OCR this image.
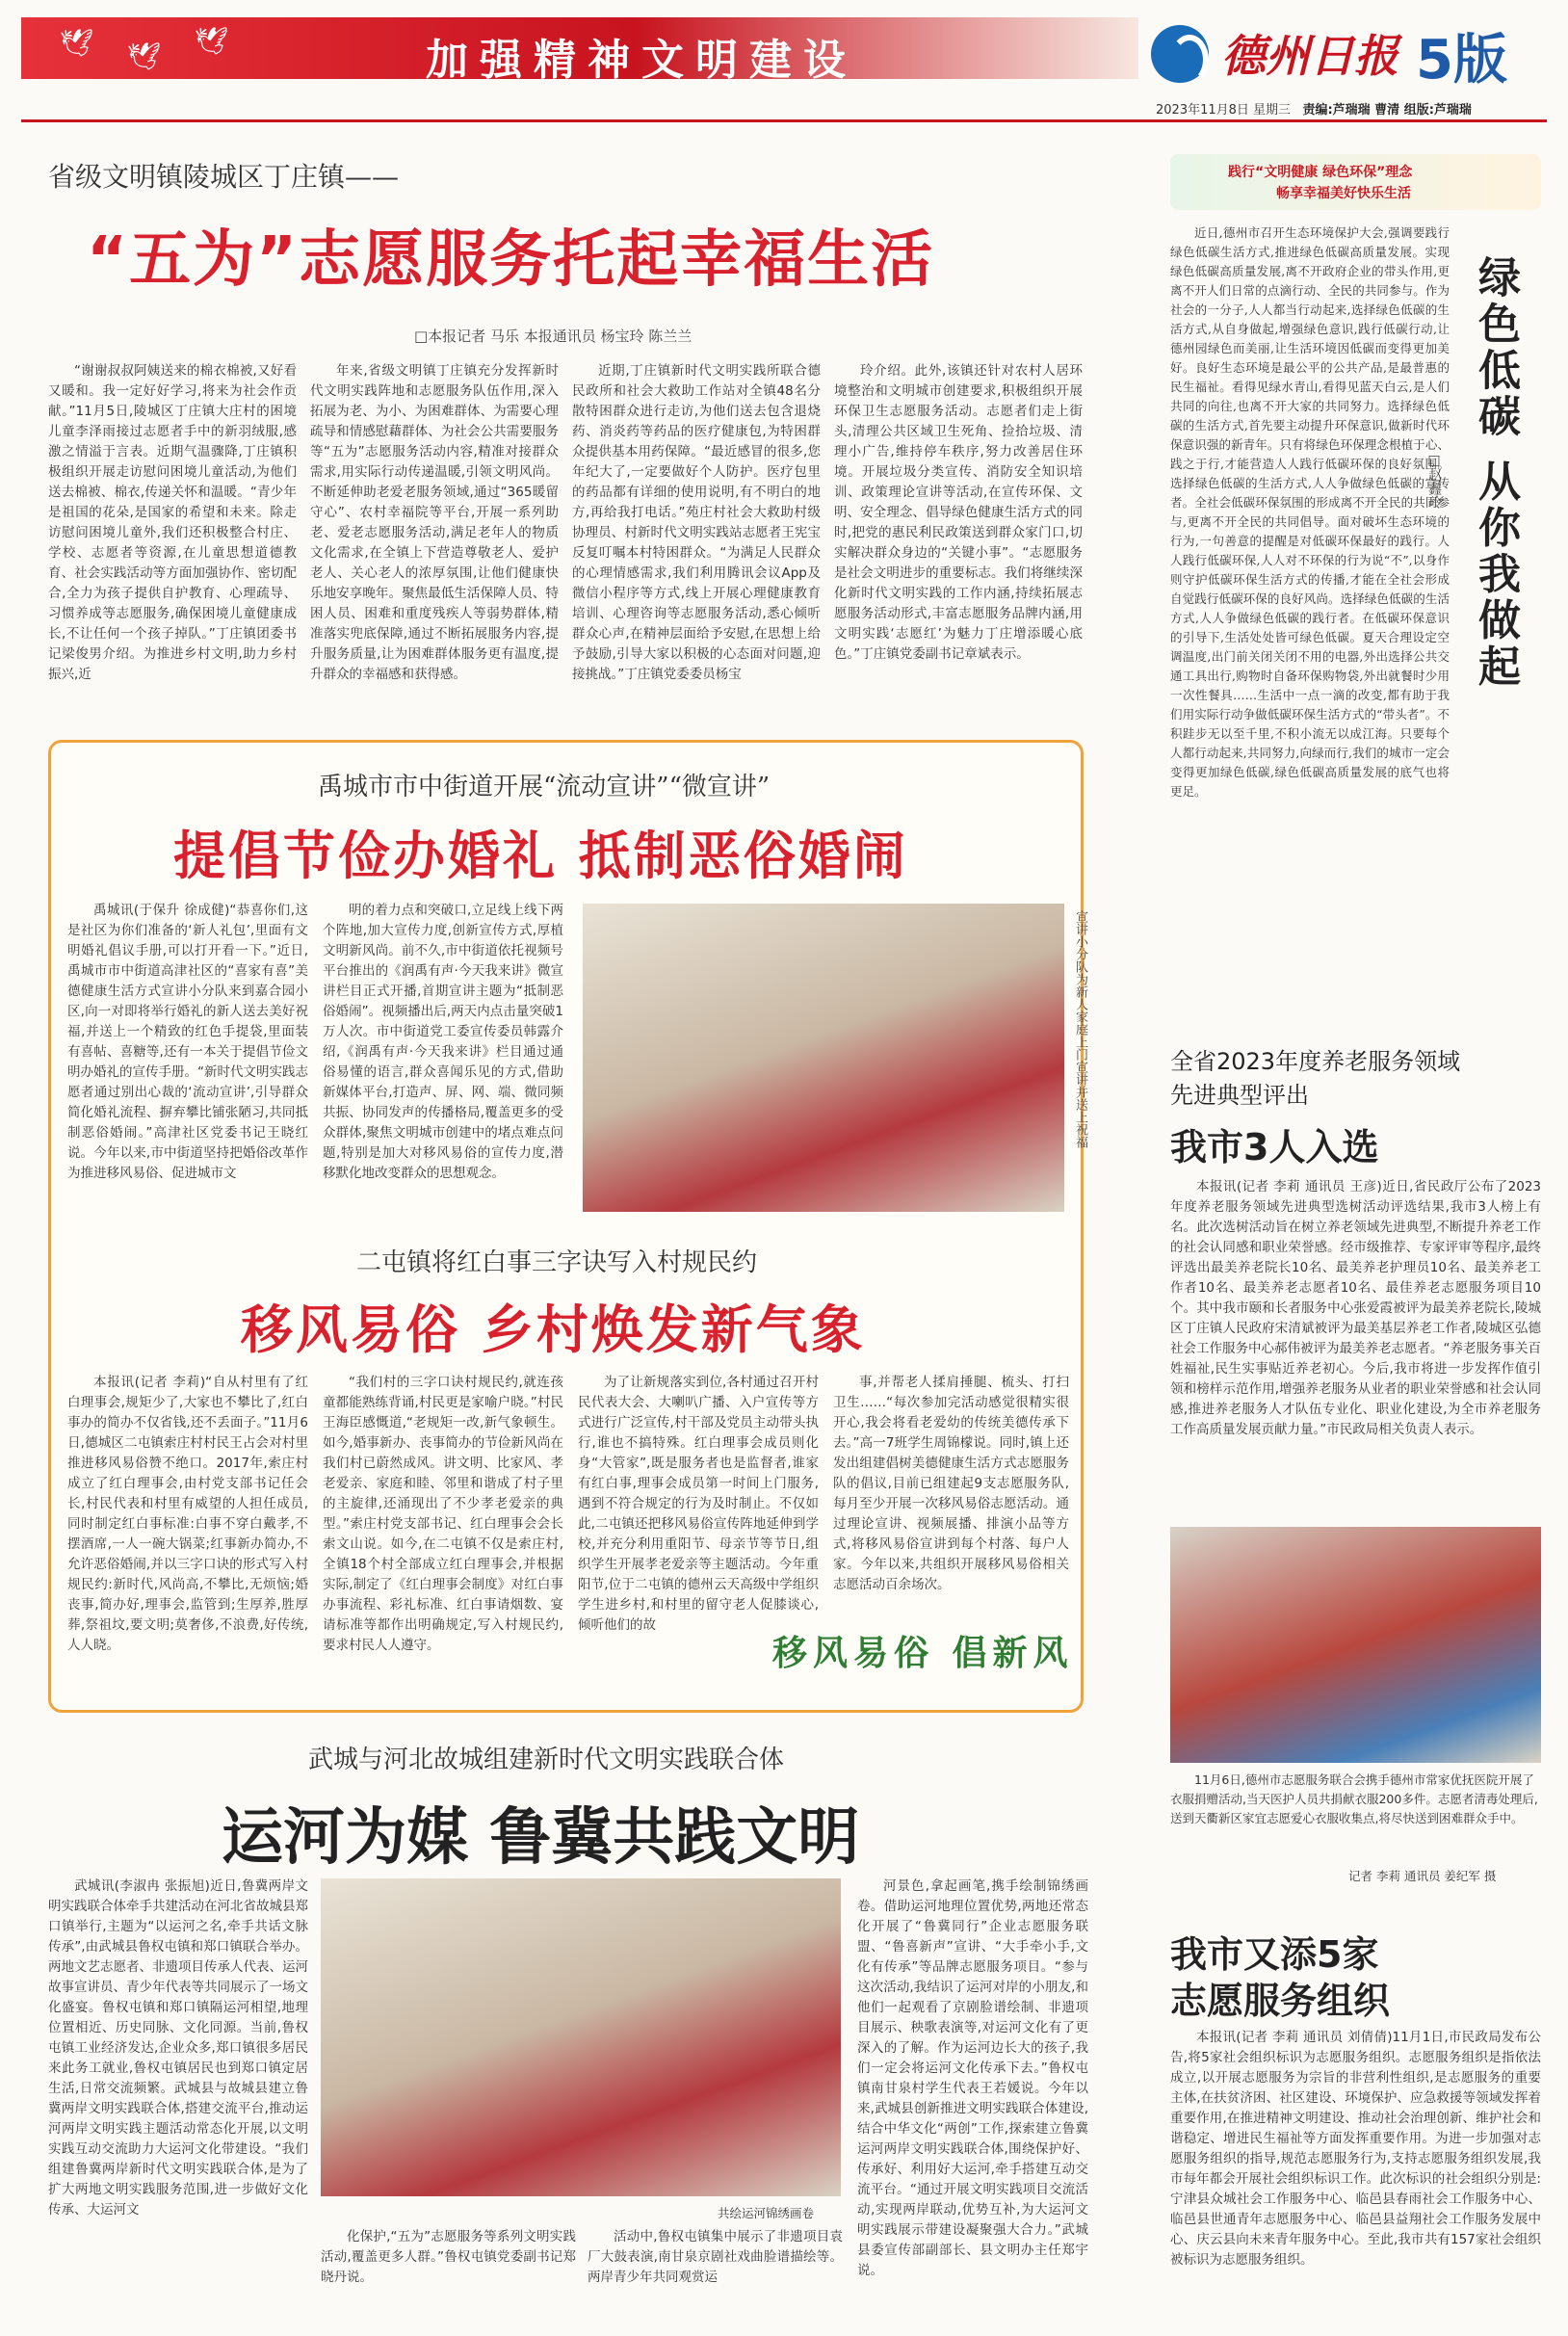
🕊 🕊 🕊	加强精神文明建设	德州日报 5版
2023年11月8日 星期三 责编:芦瑞瑞 曹清 组版:芦瑞瑞
省级文明镇陵城区丁庄镇——
“五为”志愿服务托起幸福生活
□本报记者 马乐 本报通讯员 杨宝玲 陈兰兰
“谢谢叔叔阿姨送来的棉衣棉被,又好看又暖和。我一定好好学习,将来为社会作贡献。”11月5日,陵城区丁庄镇大庄村的困境儿童李泽雨接过志愿者手中的新羽绒服,感激之情溢于言表。近期气温骤降,丁庄镇积极组织开展走访慰问困境儿童活动,为他们送去棉被、棉衣,传递关怀和温暖。“青少年是祖国的花朵,是国家的希望和未来。除走访慰问困境儿童外,我们还积极整合村庄、学校、志愿者等资源,在儿童思想道德教育、社会实践活动等方面加强协作、密切配合,全力为孩子提供自护教育、心理疏导、习惯养成等志愿服务,确保困境儿童健康成长,不让任何一个孩子掉队。”丁庄镇团委书记梁俊男介绍。为推进乡村文明,助力乡村振兴,近
年来,省级文明镇丁庄镇充分发挥新时代文明实践阵地和志愿服务队伍作用,深入拓展为老、为小、为困难群体、为需要心理疏导和情感慰藉群体、为社会公共需要服务等“五为”志愿服务活动内容,精准对接群众需求,用实际行动传递温暖,引领文明风尚。不断延伸助老爱老服务领域,通过“365暖留守心”、农村幸福院等平台,开展一系列助老、爱老志愿服务活动,满足老年人的物质文化需求,在全镇上下营造尊敬老人、爱护老人、关心老人的浓厚氛围,让他们健康快乐地安享晚年。聚焦最低生活保障人员、特困人员、困难和重度残疾人等弱势群体,精准落实兜底保障,通过不断拓展服务内容,提升服务质量,让为困难群体服务更有温度,提升群众的幸福感和获得感。
近期,丁庄镇新时代文明实践所联合德民政所和社会大救助工作站对全镇48名分散特困群众进行走访,为他们送去包含退烧药、消炎药等药品的医疗健康包,为特困群众提供基本用药保障。“最近感冒的很多,您年纪大了,一定要做好个人防护。医疗包里的药品都有详细的使用说明,有不明白的地方,再给我打电话。”苑庄村社会大救助村级协理员、村新时代文明实践站志愿者王宪宝反复叮嘱本村特困群众。“为满足人民群众的心理情感需求,我们利用腾讯会议App及微信小程序等方式,线上开展心理健康教育培训、心理咨询等志愿服务活动,悉心倾听群众心声,在精神层面给予安慰,在思想上给予鼓励,引导大家以积极的心态面对问题,迎接挑战。”丁庄镇党委委员杨宝
玲介绍。此外,该镇还针对农村人居环境整治和文明城市创建要求,积极组织开展环保卫生志愿服务活动。志愿者们走上街头,清理公共区域卫生死角、捡拾垃圾、清理小广告,维持停车秩序,努力改善居住环境。开展垃圾分类宣传、消防安全知识培训、政策理论宣讲等活动,在宣传环保、文明、安全理念、倡导绿色健康生活方式的同时,把党的惠民利民政策送到群众家门口,切实解决群众身边的“关键小事”。“志愿服务是社会文明进步的重要标志。我们将继续深化新时代文明实践的工作内涵,持续拓展志愿服务活动形式,丰富志愿服务品牌内涵,用文明实践‘志愿红’为魅力丁庄增添暖心底色。”丁庄镇党委副书记章斌表示。
禹城市市中街道开展“流动宣讲”“微宣讲”
提倡节俭办婚礼 抵制恶俗婚闹
禹城讯(于保升 徐成健)“恭喜你们,这是社区为你们准备的‘新人礼包’,里面有文明婚礼倡议手册,可以打开看一下。”近日,禹城市市中街道高津社区的“喜家有喜”美德健康生活方式宣讲小分队来到嘉合园小区,向一对即将举行婚礼的新人送去美好祝福,并送上一个精致的红色手提袋,里面装有喜帖、喜糖等,还有一本关于提倡节俭文明办婚礼的宣传手册。“新时代文明实践志愿者通过别出心裁的‘流动宣讲’,引导群众简化婚礼流程、摒弃攀比铺张陋习,共同抵制恶俗婚闹。”高津社区党委书记王晓红说。今年以来,市中街道坚持把婚俗改革作为推进移风易俗、促进城市文
明的着力点和突破口,立足线上线下两个阵地,加大宣传力度,创新宣传方式,厚植文明新风尚。前不久,市中街道依托视频号平台推出的《润禹有声·今天我来讲》微宣讲栏目正式开播,首期宣讲主题为“抵制恶俗婚闹”。视频播出后,两天内点击量突破1万人次。市中街道党工委宣传委员韩露介绍,《润禹有声·今天我来讲》栏目通过通俗易懂的语言,群众喜闻乐见的方式,借助新媒体平台,打造声、屏、网、端、微同频共振、协同发声的传播格局,覆盖更多的受众群体,聚焦文明城市创建中的堵点难点问题,特别是加大对移风易俗的宣传力度,潜移默化地改变群众的思想观念。
宣讲小分队为新人家庭上门宣讲并送上祝福
二屯镇将红白事三字诀写入村规民约
移风易俗 乡村焕发新气象
本报讯(记者 李莉)“自从村里有了红白理事会,规矩少了,大家也不攀比了,红白事办的简办不仅省钱,还不丢面子。”11月6日,德城区二屯镇索庄村村民王占会对村里推进移风易俗赞不绝口。2017年,索庄村成立了红白理事会,由村党支部书记任会长,村民代表和村里有威望的人担任成员,同时制定红白事标准:白事不穿白戴孝,不摆酒席,一人一碗大锅菜;红事新办简办,不允许恶俗婚闹,并以三字口诀的形式写入村规民约:新时代,风尚高,不攀比,无烦恼;婚丧事,简办好,理事会,监管到;生厚养,胜厚葬,祭祖坟,要文明;莫奢侈,不浪费,好传统,人人晓。
“我们村的三字口诀村规民约,就连孩童都能熟练背诵,村民更是家喻户晓。”村民王海臣感慨道,“老规矩一改,新气象顿生。如今,婚事新办、丧事简办的节俭新风尚在我们村已蔚然成风。讲文明、比家风、孝老爱亲、家庭和睦、邻里和谐成了村子里的主旋律,还涌现出了不少孝老爱亲的典型。”索庄村党支部书记、红白理事会会长索文山说。如今,在二屯镇不仅是索庄村,全镇18个村全部成立红白理事会,并根据实际,制定了《红白理事会制度》对红白事办事流程、彩礼标准、红白事请烟数、宴请标准等都作出明确规定,写入村规民约,要求村民人人遵守。
为了让新规落实到位,各村通过召开村民代表大会、大喇叭广播、入户宣传等方式进行广泛宣传,村干部及党员主动带头执行,谁也不搞特殊。红白理事会成员则化身“大管家”,既是服务者也是监督者,谁家有红白事,理事会成员第一时间上门服务,遇到不符合规定的行为及时制止。不仅如此,二屯镇还把移风易俗宣传阵地延伸到学校,并充分利用重阳节、母亲节等节日,组织学生开展孝老爱亲等主题活动。今年重阳节,位于二屯镇的德州云天高级中学组织学生进乡村,和村里的留守老人促膝谈心,倾听他们的故
事,并帮老人揉肩捶腿、梳头、打扫卫生……“每次参加完活动感觉很精实很开心,我会将看老爱幼的传统美德传承下去。”高一7班学生周锦檬说。同时,镇上还发出组建倡树美德健康生活方式志愿服务队的倡议,目前已组建起9支志愿服务队,每月至少开展一次移风易俗志愿活动。通过理论宣讲、视频展播、排演小品等方式,将移风易俗宣讲到每个村落、每户人家。今年以来,共组织开展移风易俗相关志愿活动百余场次。
移风易俗 倡新风
武城与河北故城组建新时代文明实践联合体
运河为媒 鲁冀共践文明
武城讯(李淑冉 张振旭)近日,鲁冀两岸文明实践联合体牵手共建活动在河北省故城县郑口镇举行,主题为“以运河之名,牵手共话文脉传承”,由武城县鲁权屯镇和郑口镇联合举办。两地文艺志愿者、非遗项目传承人代表、运河故事宣讲员、青少年代表等共同展示了一场文化盛宴。鲁权屯镇和郑口镇隔运河相望,地理位置相近、历史同脉、文化同源。当前,鲁权屯镇工业经济发达,企业众多,郑口镇很多居民来此务工就业,鲁权屯镇居民也到郑口镇定居生活,日常交流频繁。武城县与故城县建立鲁冀两岸文明实践联合体,搭建交流平台,推动运河两岸文明实践主题活动常态化开展,以文明实践互动交流助力大运河文化带建设。“我们组建鲁冀两岸新时代文明实践联合体,是为了扩大两地文明实践服务范围,进一步做好文化传承、大运河文	共绘运河锦绣画卷
化保护,“五为”志愿服务等系列文明实践活动,覆盖更多人群。”鲁权屯镇党委副书记郑晓丹说。
活动中,鲁权屯镇集中展示了非遗项目袁厂大鼓表演,南甘泉京剧社戏曲脸谱描绘等。两岸青少年共同观赏运
河景色,拿起画笔,携手绘制锦绣画卷。借助运河地理位置优势,两地还常态化开展了“鲁冀同行”企业志愿服务联盟、“鲁喜新声”宣讲、“大手牵小手,文化有传承”等品牌志愿服务项目。“参与这次活动,我结识了运河对岸的小朋友,和他们一起观看了京剧脸谱绘制、非遗项目展示、秧歌表演等,对运河文化有了更深入的了解。作为运河边长大的孩子,我们一定会将运河文化传承下去。”鲁权屯镇南甘泉村学生代表王若媛说。今年以来,武城县创新推进文明实践联合体建设,结合中华文化“两创”工作,探索建立鲁冀运河两岸文明实践联合体,围绕保护好、传承好、利用好大运河,牵手搭建互动交流平台。“通过开展文明实践项目交流活动,实现两岸联动,优势互补,为大运河文明实践展示带建设凝聚强大合力。”武城县委宣传部副部长、县文明办主任郑宇说。
践行“文明健康 绿色环保”理念
畅享幸福美好快乐生活
近日,德州市召开生态环境保护大会,强调要践行绿色低碳生活方式,推进绿色低碳高质量发展。实现绿色低碳高质量发展,离不开政府企业的带头作用,更离不开人们日常的点滴行动、全民的共同参与。作为社会的一分子,人人都当行动起来,选择绿色低碳的生活方式,从自身做起,增强绿色意识,践行低碳行动,让德州园绿色而美丽,让生活环境因低碳而变得更加美好。良好生态环境是最公平的公共产品,是最普惠的民生福祉。看得见绿水青山,看得见蓝天白云,是人们共同的向往,也离不开大家的共同努力。选择绿色低碳的生活方式,首先要主动提升环保意识,做新时代环保意识强的新青年。只有将绿色环保理念根植于心、践之于行,才能营造人人践行低碳环保的良好氛围。选择绿色低碳的生活方式,人人争做绿色低碳的宣传者。全社会低碳环保氛围的形成离不开全民的共同参与,更离不开全民的共同倡导。面对破坏生态环境的行为,一句善意的提醒是对低碳环保最好的践行。人人践行低碳环保,人人对不环保的行为说“不”,以身作则守护低碳环保生活方式的传播,才能在全社会形成自觉践行低碳环保的良好风尚。选择绿色低碳的生活方式,人人争做绿色低碳的践行者。在低碳环保意识的引导下,生活处处皆可绿色低碳。夏天合理设定空调温度,出门前关闭关闭不用的电器,外出选择公共交通工具出行,购物时自备环保购物袋,外出就餐时少用一次性餐具……生活中一点一滴的改变,都有助于我们用实际行动争做低碳环保生活方式的“带头者”。不积跬步无以至千里,不积小流无以成江海。只要每个人都行动起来,共同努力,向绿而行,我们的城市一定会变得更加绿色低碳,绿色低碳高质量发展的底气也将更足。
绿色低碳 从你我做起
□赵鑫玲
全省2023年度养老服务领域
先进典型评出
我市3人入选
本报讯(记者 李莉 通讯员 王彦)近日,省民政厅公布了2023年度养老服务领域先进典型选树活动评选结果,我市3人榜上有名。此次选树活动旨在树立养老领域先进典型,不断提升养老工作的社会认同感和职业荣誉感。经市级推荐、专家评审等程序,最终评选出最美养老院长10名、最美养老护理员10名、最美养老工作者10名、最美养老志愿者10名、最佳养老志愿服务项目10个。其中我市颐和长者服务中心张爱霞被评为最美养老院长,陵城区丁庄镇人民政府宋清斌被评为最美基层养老工作者,陵城区弘德社会工作服务中心郝伟被评为最美养老志愿者。“养老服务事关百姓福祉,民生实事贴近养老初心。今后,我市将进一步发挥作值引领和榜样示范作用,增强养老服务从业者的职业荣誉感和社会认同感,推进养老服务人才队伍专业化、职业化建设,为全市养老服务工作高质量发展贡献力量。”市民政局相关负责人表示。
11月6日,德州市志愿服务联合会携手德州市常家优抚医院开展了衣服捐赠活动,当天医护人员共捐献衣服200多件。志愿者清毒处理后,送到天衢新区家宜志愿爱心衣服收集点,将尽快送到困难群众手中。
记者 李莉 通讯员 姜纪军 摄
我市又添5家
志愿服务组织
本报讯(记者 李莉 通讯员 刘倩倩)11月1日,市民政局发布公告,将5家社会组织标识为志愿服务组织。志愿服务组织是指依法成立,以开展志愿服务为宗旨的非营利性组织,是志愿服务的重要主体,在扶贫济困、社区建设、环境保护、应急救援等领域发挥着重要作用,在推进精神文明建设、推动社会治理创新、维护社会和谐稳定、增进民生福祉等方面发挥重要作用。为进一步加强对志愿服务组织的指导,规范志愿服务行为,支持志愿服务组织发展,我市每年都会开展社会组织标识工作。此次标识的社会组织分别是:宁津县众城社会工作服务中心、临邑县春雨社会工作服务中心、临邑县世通青年志愿服务中心、临邑县益翔社会工作服务发展中心、庆云县向未来青年服务中心。至此,我市共有157家社会组织被标识为志愿服务组织。
